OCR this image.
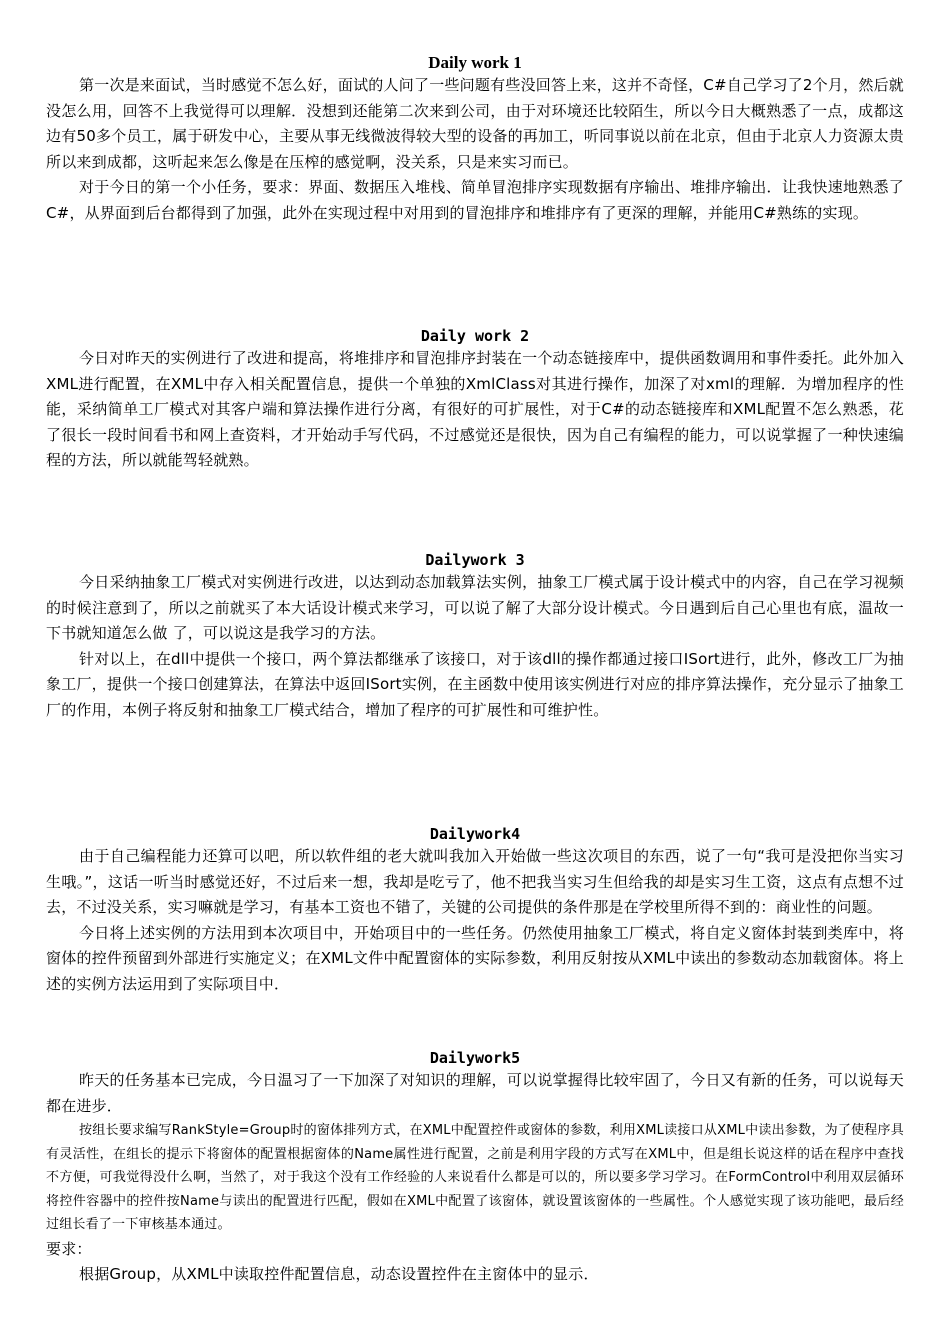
Daily work 1

第一次是来面试，当时感觉不怎么好，面试的人问了一些问题有些没回答上来，这并不奇怪，C#自己学习了2个月，然后就没怎么用，回答不上我觉得可以理解．没想到还能第二次来到公司，由于对环境还比较陌生，所以今日大概熟悉了一点，成都这边有50多个员工，属于研发中心，主要从事无线微波得较大型的设备的再加工，听同事说以前在北京，但由于北京人力资源太贵所以来到成都，这听起来怎么像是在压榨的感觉啊，没关系，只是来实习而已。

对于今日的第一个小任务，要求：界面、数据压入堆栈、简单冒泡排序实现数据有序输出、堆排序输出．让我快速地熟悉了C#，从界面到后台都得到了加强，此外在实现过程中对用到的冒泡排序和堆排序有了更深的理解，并能用C#熟练的实现。

Daily work 2

今日对昨天的实例进行了改进和提高，将堆排序和冒泡排序封装在一个动态链接库中，提供函数调用和事件委托。此外加入XML进行配置，在XML中存入相关配置信息，提供一个单独的XmlClass对其进行操作，加深了对xml的理解．为增加程序的性能，采纳简单工厂模式对其客户端和算法操作进行分离，有很好的可扩展性，对于C#的动态链接库和XML配置不怎么熟悉，花了很长一段时间看书和网上查资料，才开始动手写代码，不过感觉还是很快，因为自己有编程的能力，可以说掌握了一种快速编程的方法，所以就能驾轻就熟。

Dailywork 3

今日采纳抽象工厂模式对实例进行改进，以达到动态加载算法实例，抽象工厂模式属于设计模式中的内容，自己在学习视频的时候注意到了，所以之前就买了本大话设计模式来学习，可以说了解了大部分设计模式。今日遇到后自己心里也有底，温故一下书就知道怎么做 了，可以说这是我学习的方法。

针对以上，在dll中提供一个接口，两个算法都继承了该接口，对于该dll的操作都通过接口ISort进行，此外，修改工厂为抽象工厂，提供一个接口创建算法，在算法中返回ISort实例，在主函数中使用该实例进行对应的排序算法操作，充分显示了抽象工厂的作用，本例子将反射和抽象工厂模式结合，增加了程序的可扩展性和可维护性。

Dailywork4

由于自己编程能力还算可以吧，所以软件组的老大就叫我加入开始做一些这次项目的东西，说了一句“我可是没把你当实习生哦。”，这话一听当时感觉还好，不过后来一想，我却是吃亏了，他不把我当实习生但给我的却是实习生工资，这点有点想不过去，不过没关系，实习嘛就是学习，有基本工资也不错了，关键的公司提供的条件那是在学校里所得不到的：商业性的问题。

今日将上述实例的方法用到本次项目中，开始项目中的一些任务。仍然使用抽象工厂模式，将自定义窗体封装到类库中，将窗体的控件预留到外部进行实施定义；在XML文件中配置窗体的实际参数，利用反射按从XML中读出的参数动态加载窗体。将上述的实例方法运用到了实际项目中．

Dailywork5

昨天的任务基本已完成，今日温习了一下加深了对知识的理解，可以说掌握得比较牢固了，今日又有新的任务，可以说每天都在进步．

按组长要求编写RankStyle=Group时的窗体排列方式，在XML中配置控件或窗体的参数，利用XML读接口从XML中读出参数，为了使程序具有灵活性，在组长的提示下将窗体的配置根据窗体的Name属性进行配置，之前是利用字段的方式写在XML中，但是组长说这样的话在程序中查找不方便，可我觉得没什么啊，当然了，对于我这个没有工作经验的人来说看什么都是可以的，所以要多学习学习。在FormControl中利用双层循环将控件容器中的控件按Name与读出的配置进行匹配，假如在XML中配置了该窗体，就设置该窗体的一些属性。个人感觉实现了该功能吧，最后经过组长看了一下审核基本通过。

要求：

根据Group，从XML中读取控件配置信息，动态设置控件在主窗体中的显示．
